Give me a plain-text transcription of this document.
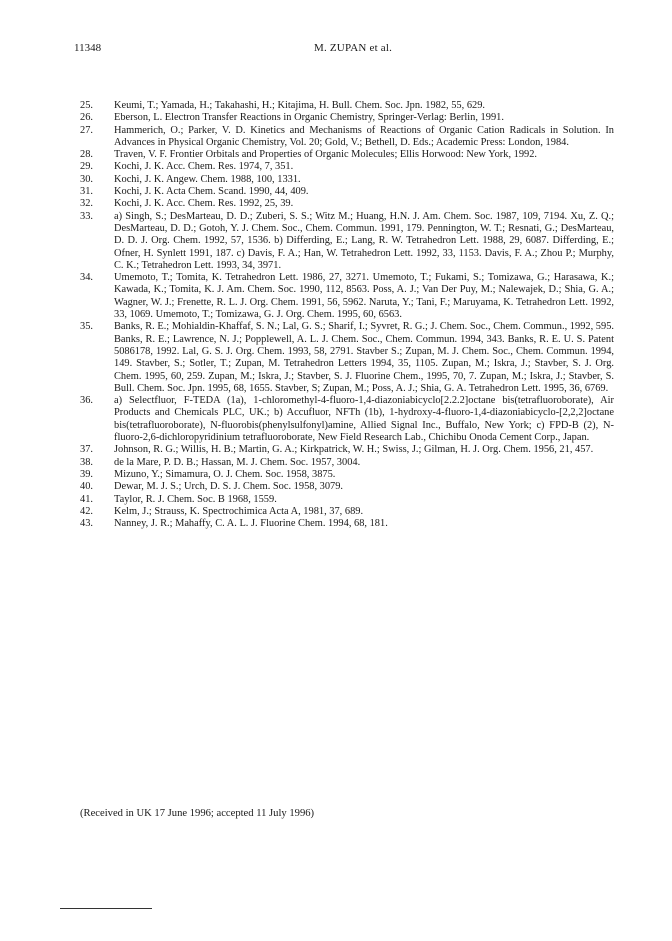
11348	M. ZUPAN et al.
25.	Keumi, T.; Yamada, H.; Takahashi, H.; Kitajima, H. Bull. Chem. Soc. Jpn. 1982, 55, 629.
26.	Eberson, L. Electron Transfer Reactions in Organic Chemistry, Springer-Verlag: Berlin, 1991.
27.	Hammerich, O.; Parker, V. D. Kinetics and Mechanisms of Reactions of Organic Cation Radicals in Solution. In Advances in Physical Organic Chemistry, Vol. 20; Gold, V.; Bethell, D. Eds.; Academic Press: London, 1984.
28.	Traven, V. F. Frontier Orbitals and Properties of Organic Molecules; Ellis Horwood: New York, 1992.
29.	Kochi, J. K. Acc. Chem. Res. 1974, 7, 351.
30.	Kochi, J. K. Angew. Chem. 1988, 100, 1331.
31.	Kochi, J. K. Acta Chem. Scand. 1990, 44, 409.
32.	Kochi, J. K. Acc. Chem. Res. 1992, 25, 39.
33.	a) Singh, S.; DesMarteau, D. D.; Zuberi, S. S.; Witz M.; Huang, H.N. J. Am. Chem. Soc. 1987, 109, 7194. Xu, Z. Q.; DesMarteau, D. D.; Gotoh, Y. J. Chem. Soc., Chem. Commun. 1991, 179. Pennington, W. T.; Resnati, G.; DesMarteau, D. D. J. Org. Chem. 1992, 57, 1536. b) Differding, E.; Lang, R. W. Tetrahedron Lett. 1988, 29, 6087. Differding, E.; Ofner, H. Synlett 1991, 187. c) Davis, F. A.; Han, W. Tetrahedron Lett. 1992, 33, 1153. Davis, F. A.; Zhou P.; Murphy, C. K.; Tetrahedron Lett. 1993, 34, 3971.
34.	Umemoto, T.; Tomita, K. Tetrahedron Lett. 1986, 27, 3271. Umemoto, T.; Fukami, S.; Tomizawa, G.; Harasawa, K.; Kawada, K.; Tomita, K. J. Am. Chem. Soc. 1990, 112, 8563. Poss, A. J.; Van Der Puy, M.; Nalewajek, D.; Shia, G. A.; Wagner, W. J.; Frenette, R. L. J. Org. Chem. 1991, 56, 5962. Naruta, Y.; Tani, F.; Maruyama, K. Tetrahedron Lett. 1992, 33, 1069. Umemoto, T.; Tomizawa, G. J. Org. Chem. 1995, 60, 6563.
35.	Banks, R. E.; Mohialdin-Khaffaf, S. N.; Lal, G. S.; Sharif, I.; Syvret, R. G.; J. Chem. Soc., Chem. Commun., 1992, 595. Banks, R. E.; Lawrence, N. J.; Popplewell, A. L. J. Chem. Soc., Chem. Commun. 1994, 343. Banks, R. E. U. S. Patent 5086178, 1992. Lal, G. S. J. Org. Chem. 1993, 58, 2791. Stavber S.; Zupan, M. J. Chem. Soc., Chem. Commun. 1994, 149. Stavber, S.; Sotler, T.; Zupan, M. Tetrahedron Letters 1994, 35, 1105. Zupan, M.; Iskra, J.; Stavber, S. J. Org. Chem. 1995, 60, 259. Zupan, M.; Iskra, J.; Stavber, S. J. Fluorine Chem., 1995, 70, 7. Zupan, M.; Iskra, J.; Stavber, S. Bull. Chem. Soc. Jpn. 1995, 68, 1655. Stavber, S; Zupan, M.; Poss, A. J.; Shia, G. A. Tetrahedron Lett. 1995, 36, 6769.
36.	a) Selectfluor, F-TEDA (1a), 1-chloromethyl-4-fluoro-1,4-diazoniabicyclo[2.2.2]octane bis(tetrafluoroborate), Air Products and Chemicals PLC, UK.; b) Accufluor, NFTh (1b), 1-hydroxy-4-fluoro-1,4-diazoniabicyclo-[2,2,2]octane bis(tetrafluoroborate), N-fluorobis(phenylsulfonyl)amine, Allied Signal Inc., Buffalo, New York; c) FPD-B (2), N-fluoro-2,6-dichloropyridinium tetrafluoroborate, New Field Research Lab., Chichibu Onoda Cement Corp., Japan.
37.	Johnson, R. G.; Willis, H. B.; Martin, G. A.; Kirkpatrick, W. H.; Swiss, J.; Gilman, H. J. Org. Chem. 1956, 21, 457.
38.	de la Mare, P. D. B.; Hassan, M. J. Chem. Soc. 1957, 3004.
39.	Mizuno, Y.; Simamura, O. J. Chem. Soc. 1958, 3875.
40.	Dewar, M. J. S.; Urch, D. S. J. Chem. Soc. 1958, 3079.
41.	Taylor, R. J. Chem. Soc. B 1968, 1559.
42.	Kelm, J.; Strauss, K. Spectrochimica Acta A, 1981, 37, 689.
43.	Nanney, J. R.; Mahaffy, C. A. L. J. Fluorine Chem. 1994, 68, 181.
(Received in UK 17 June 1996; accepted 11 July 1996)
